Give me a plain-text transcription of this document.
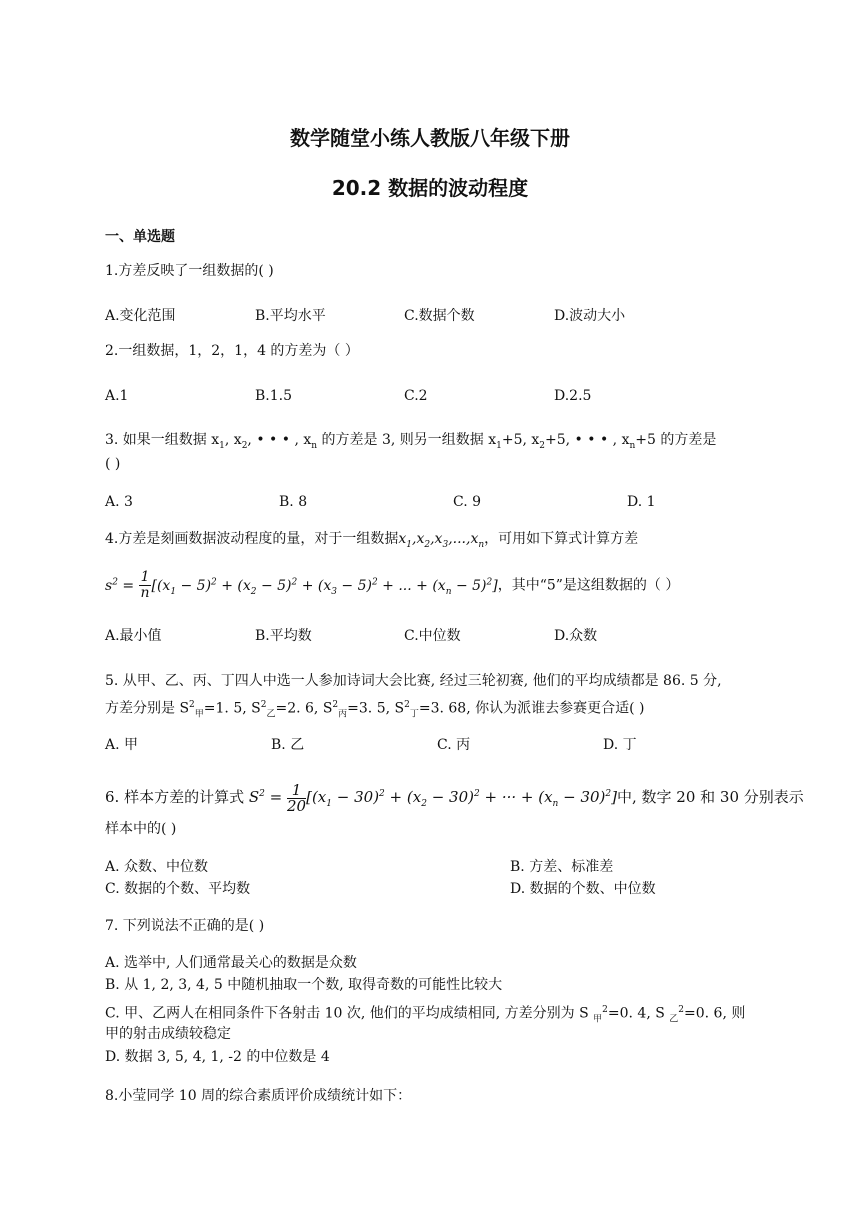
数学随堂小练人教版八年级下册
20.2 数据的波动程度
一、单选题
1.方差反映了一组数据的( )
A.变化范围	B.平均水平	C.数据个数	D.波动大小
2.一组数据，1，2，1，4 的方差为（ ）
A.1	B.1.5	C.2	D.2.5
3. 如果一组数据 $x_1$, $x_2$, • • • , $x_n$ 的方差是 3, 则另一组数据 $x_1+5$, $x_2+5$, • • • , $x_n+5$ 的方差是
( )
A. 3	B. 8	C. 9	D. 1
4.方差是刻画数据波动程度的量，对于一组数据$x_1,x_2,x_3,...,x_n$，可用如下算式计算方差
$s^2 = \frac{1}{n} [(x_1 - 5)^2 + (x_2 - 5)^2 + (x_3 - 5)^2$ + ... + $(x_n - 5)^2$]，其中“5”是这组数据的（ ）
A.最小值	B.平均数	C.中位数	D.众数
5. 从甲、乙、丙、丁四人中选一人参加诗词大会比赛, 经过三轮初赛, 他们的平均成绩都是 86. 5 分,
方差分别是 $S^2_甲=1$. 5, $S^2_乙=2$. 6, $S^2_丙=3$. 5, $S^2_丁=3$. 68, 你认为派谁去参赛更合适( )
A. 甲	B. 乙	C. 丙	D. 丁
6. 样本方差的计算式 $S^2 = \frac{1}{20} [(x_1 - 30)^2 + (x_2 - 30)^2$ + ··· + $(x_n - 30)^2$]中, 数字 20 和 30 分别表示
样本中的( )
A. 众数、中位数	B. 方差、标准差
C. 数据的个数、平均数	D. 数据的个数、中位数
7. 下列说法不正确的是( )
A. 选举中, 人们通常最关心的数据是众数
B. 从 1, 2, 3, 4, 5 中随机抽取一个数, 取得奇数的可能性比较大
C. 甲、乙两人在相同条件下各射击 10 次, 他们的平均成绩相同, 方差分别为 S $_甲^2$=0. 4, S $_乙^2$=0. 6, 则
甲的射击成绩较稳定
D. 数据 3, 5, 4, 1, -2 的中位数是 4
8.小莹同学 10 周的综合素质评价成绩统计如下：
